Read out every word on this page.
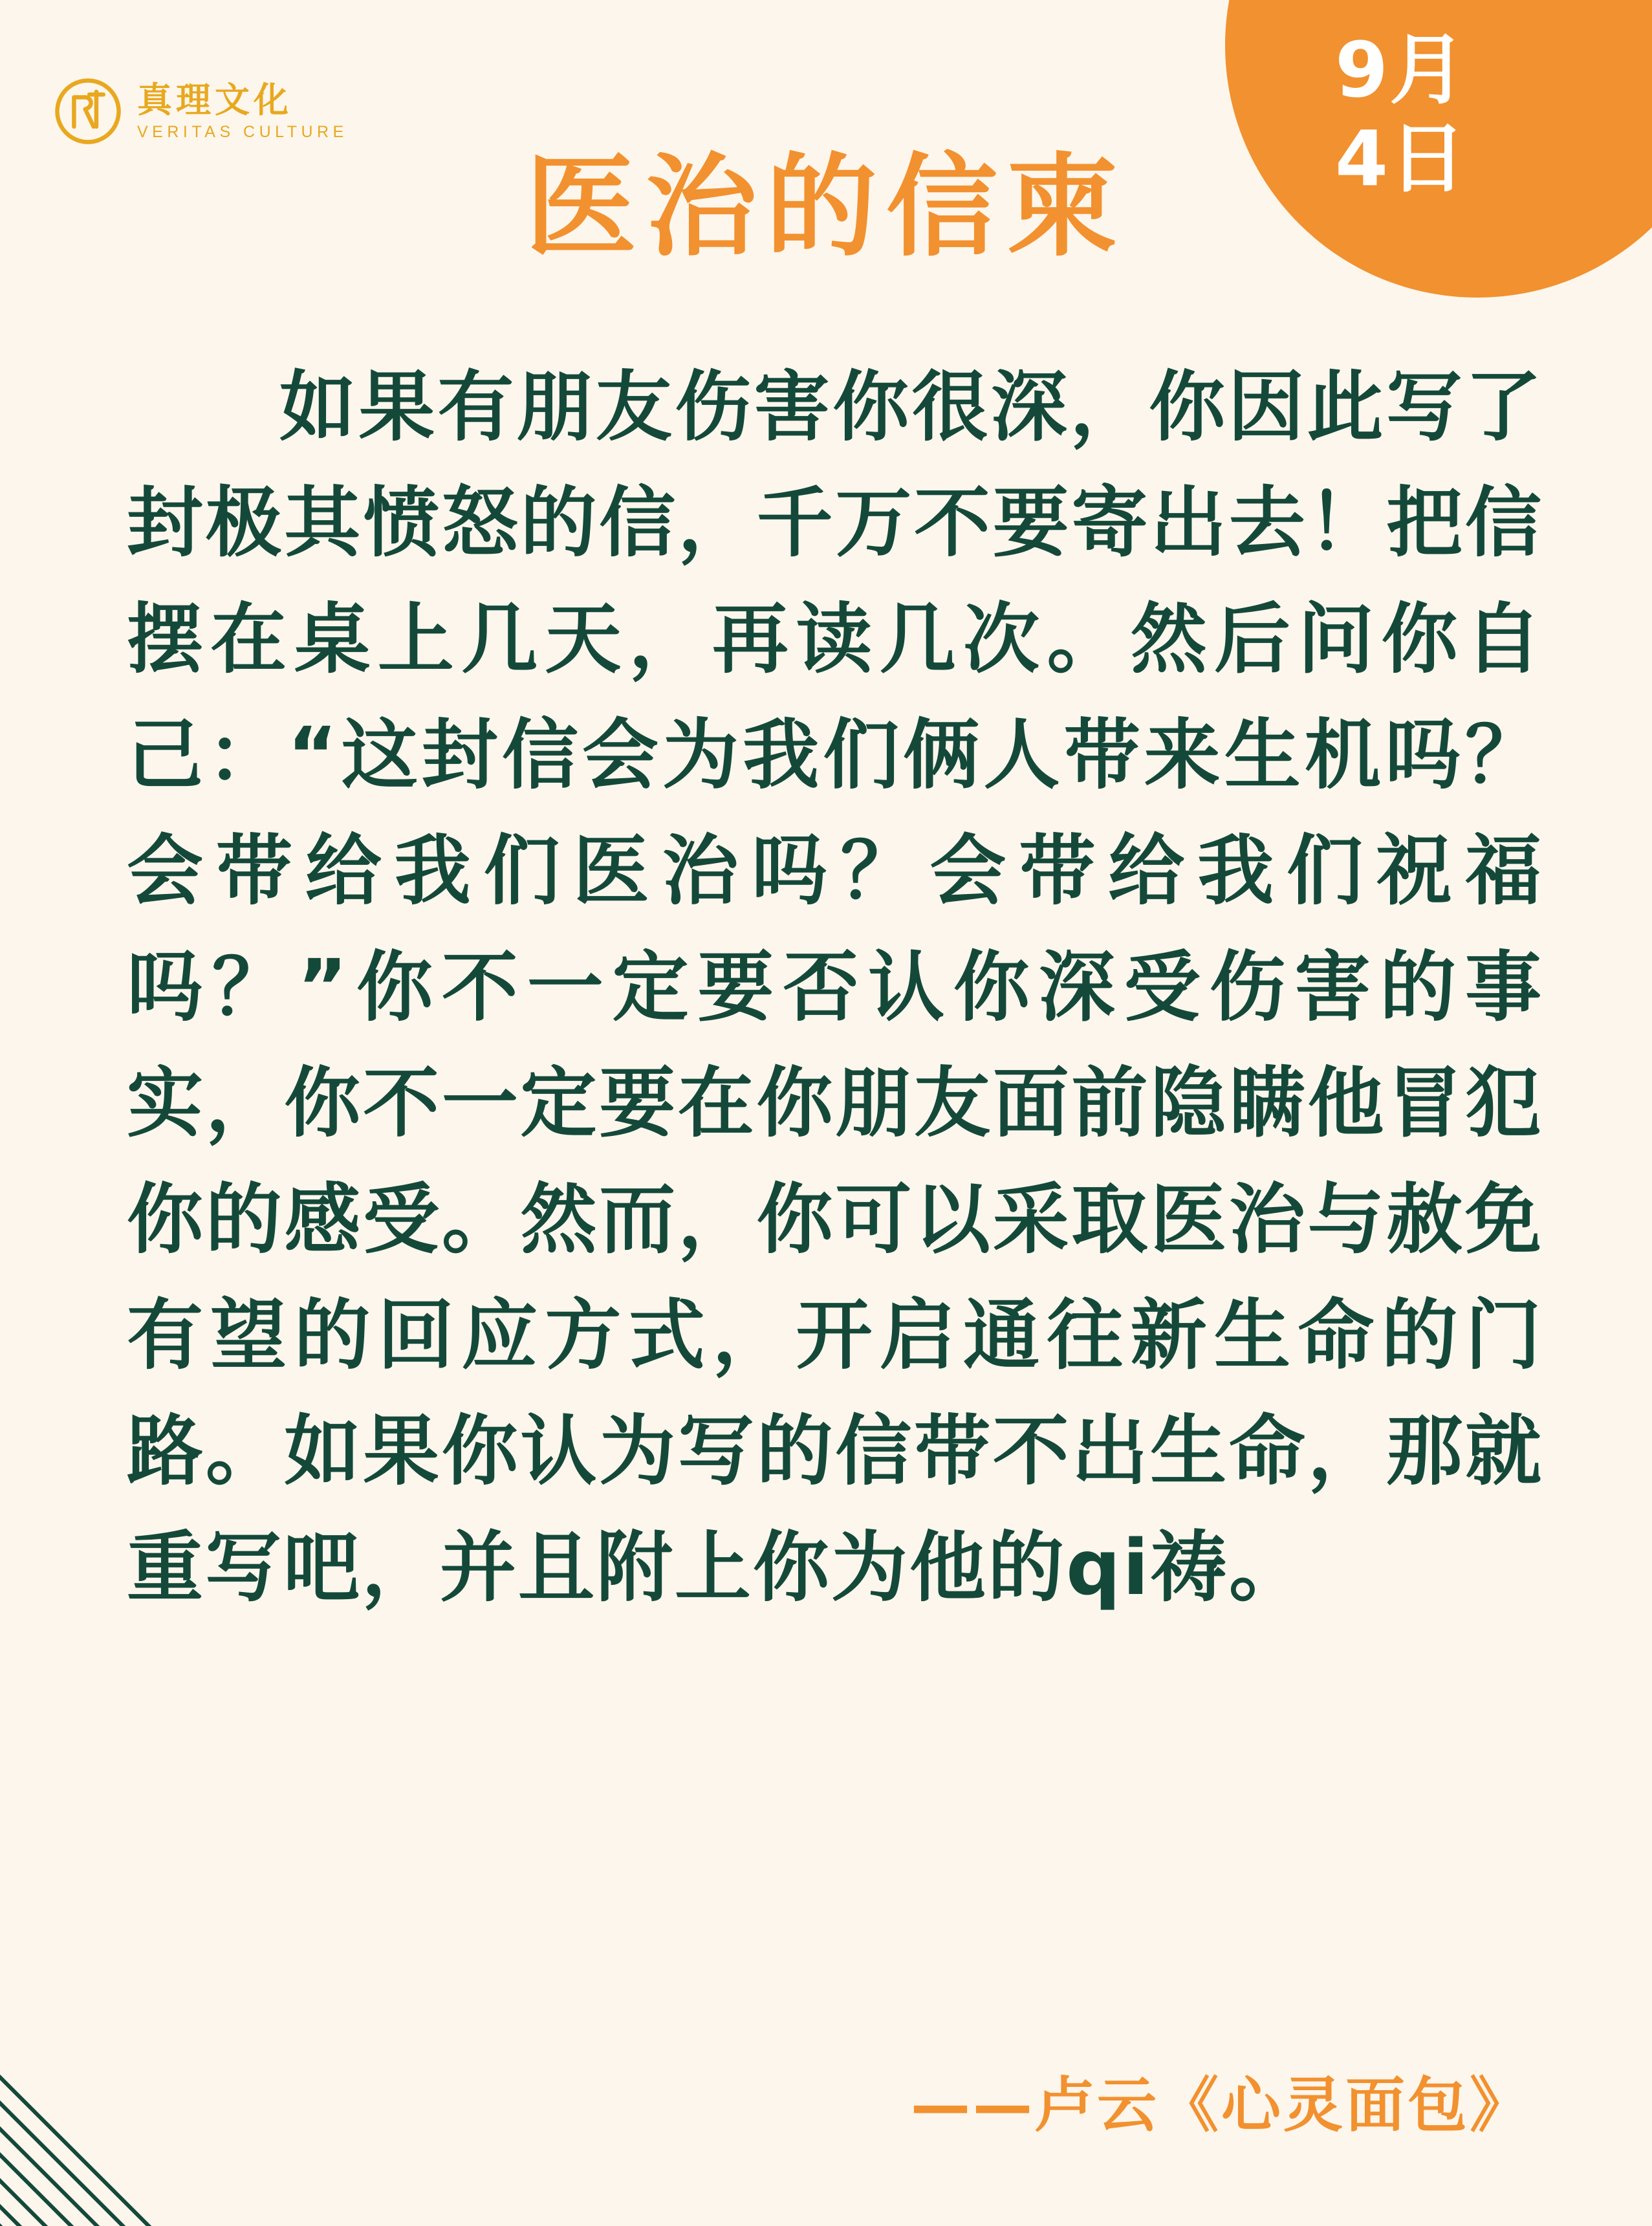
9月
4日
真理文化
VERITAS CULTURE
医治的信柬
如果有朋友伤害你很深，你因此写了封极其愤怒的信，千万不要寄出去！把信摆在桌上几天，再读几次。然后问你自己：“这封信会为我们俩人带来生机吗？会带给我们医治吗？会带给我们祝福吗？”你不一定要否认你深受伤害的事实，你不一定要在你朋友面前隐瞒他冒犯你的感受。然而，你可以采取医治与赦免有望的回应方式，开启通往新生命的门路。如果你认为写的信带不出生命，那就重写吧，并且附上你为他的qi祷。
——卢云《心灵面包》
